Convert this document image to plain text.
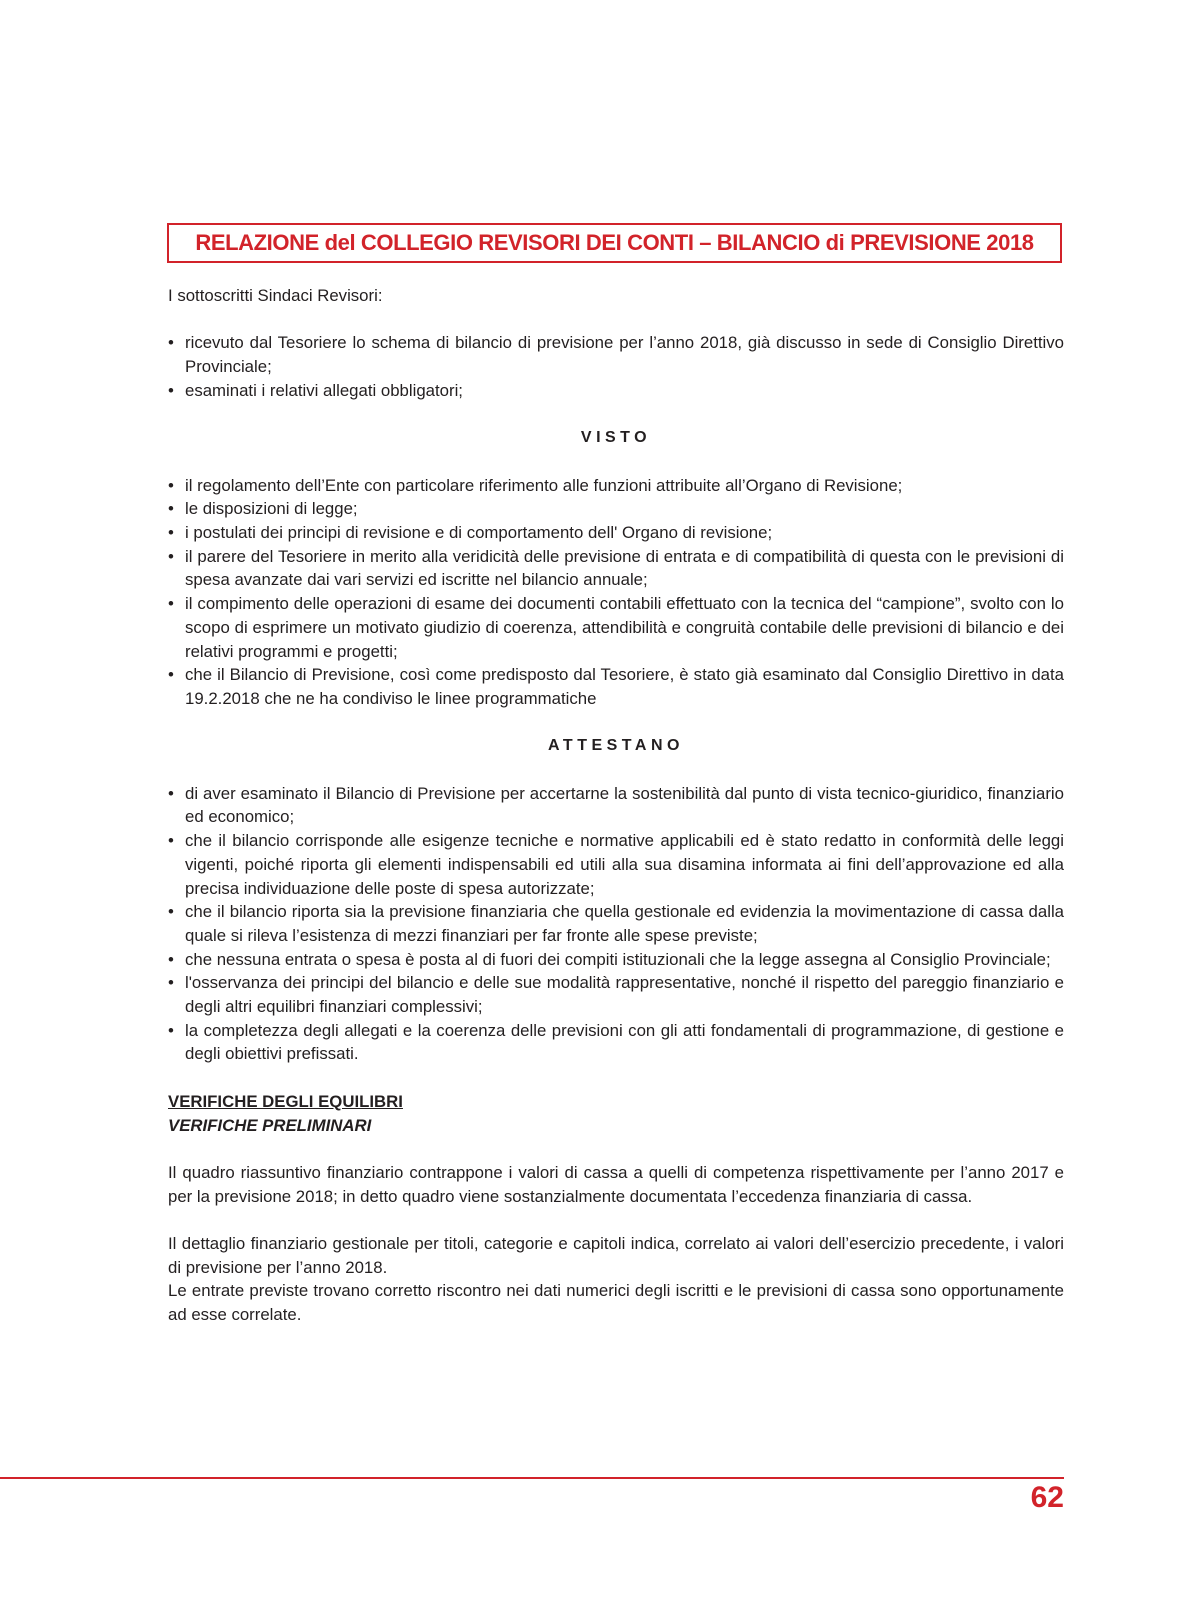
RELAZIONE del COLLEGIO REVISORI DEI CONTI – BILANCIO di PREVISIONE 2018

I sottoscritti Sindaci Revisori:

• ricevuto dal Tesoriere lo schema di bilancio di previsione per l’anno 2018, già discusso in sede di Consiglio Direttivo Provinciale;
• esaminati i relativi allegati obbligatori;

VISTO

• il regolamento dell’Ente con particolare riferimento alle funzioni attribuite all’Organo di Revisione;
• le disposizioni di legge;
• i postulati dei principi di revisione e di comportamento dell' Organo di revisione;
• il parere del Tesoriere in merito alla veridicità delle previsione di entrata e di compatibilità di questa con le previsioni di spesa avanzate dai vari servizi ed iscritte nel bilancio annuale;
• il compimento delle operazioni di esame dei documenti contabili effettuato con la tecnica del “campione”, svolto con lo scopo di esprimere un motivato giudizio di coerenza, attendibilità e congruità contabile delle previsioni di bilancio e dei relativi programmi e progetti;
• che il Bilancio di Previsione, così come predisposto dal Tesoriere, è stato già esaminato dal Consiglio Direttivo in data 19.2.2018 che ne ha condiviso le linee programmatiche

ATTESTANO

• di aver esaminato il Bilancio di Previsione per accertarne la sostenibilità dal punto di vista tecnico-giuridico, finanziario ed economico;
• che il bilancio corrisponde alle esigenze tecniche e normative applicabili ed è stato redatto in conformità delle leggi vigenti, poiché riporta gli elementi indispensabili ed utili alla sua disamina informata ai fini dell’approvazione ed alla precisa individuazione delle poste di spesa autorizzate;
• che il bilancio riporta sia la previsione finanziaria che quella gestionale ed evidenzia la movimentazione di cassa dalla quale si rileva l’esistenza di mezzi finanziari per far fronte alle spese previste;
• che nessuna entrata o spesa è posta al di fuori dei compiti istituzionali che la legge assegna al Consiglio Provinciale;
• l'osservanza dei principi del bilancio e delle sue modalità rappresentative, nonché il rispetto del pareggio finanziario e degli altri equilibri finanziari complessivi;
• la completezza degli allegati e la coerenza delle previsioni con gli atti fondamentali di programmazione, di gestione e degli obiettivi prefissati.

VERIFICHE DEGLI EQUILIBRI

VERIFICHE PRELIMINARI

Il quadro riassuntivo finanziario contrappone i valori di cassa a quelli di competenza rispettivamente per l’anno 2017 e per la previsione 2018; in detto quadro viene sostanzialmente documentata l’eccedenza finanziaria di cassa.

Il dettaglio finanziario gestionale per titoli, categorie e capitoli indica, correlato ai valori dell’esercizio precedente, i valori di previsione per l’anno 2018.

Le entrate previste trovano corretto riscontro nei dati numerici degli iscritti e le previsioni di cassa sono opportunamente ad esse correlate.

62
